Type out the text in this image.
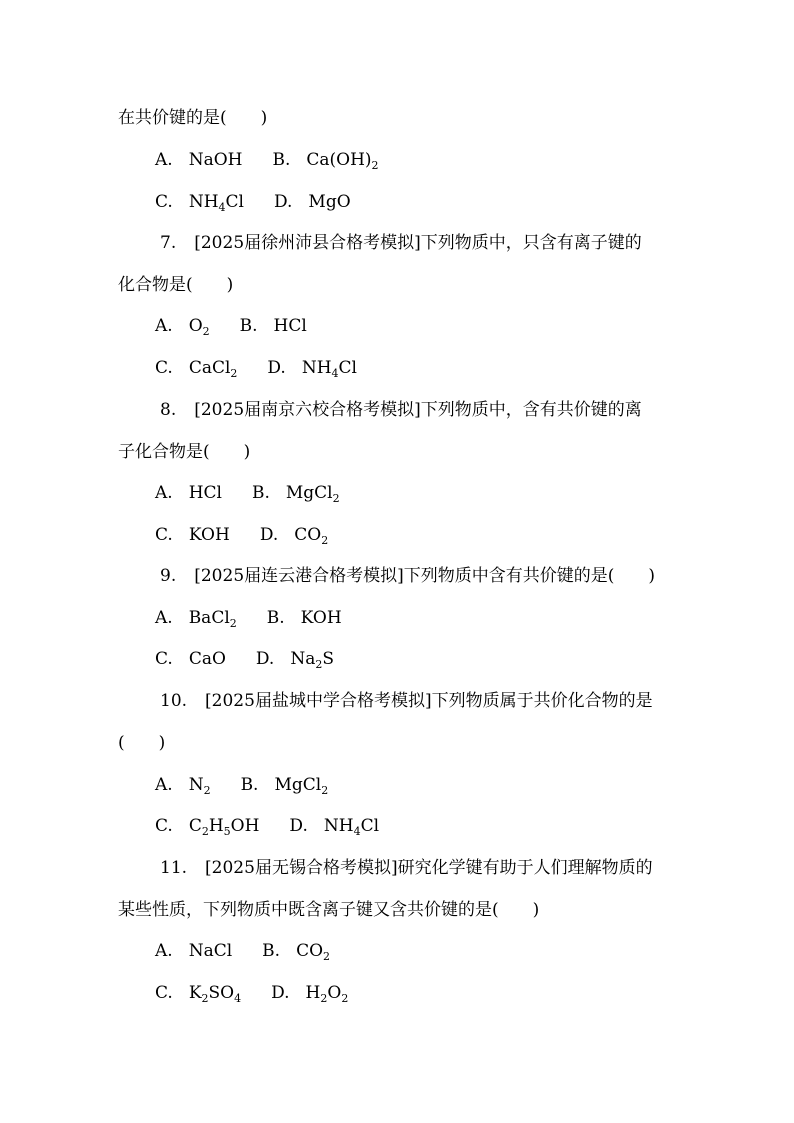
在共价键的是(　　)
A. NaOH B. $Ca(OH)_2$
C. $NH_4Cl$ D. MgO
7. [2025届徐州沛县合格考模拟]下列物质中，只含有离子键的
化合物是(　　)
A. $O_2$ B. HCl
C. CaCl$_2$ D. $NH_4Cl$
8. [2025届南京六校合格考模拟]下列物质中，含有共价键的离
子化合物是(　　)
A. HCl B. MgCl$_2$
C. KOH D. $CO_2$
9. [2025届连云港合格考模拟]下列物质中含有共价键的是(　　)
A. BaCl$_2$ B. KOH
C. CaO D. $Na_2S$
10. [2025届盐城中学合格考模拟]下列物质属于共价化合物的是
(　　)
A. $N_2$ B. MgCl$_2$
C. $C_2H_5OH$ D. $NH_4Cl$
11. [2025届无锡合格考模拟]研究化学键有助于人们理解物质的
某些性质，下列物质中既含离子键又含共价键的是(　　)
A. NaCl B. $CO_2$
C. $K_2SO_4$ D. $H_2O_2$
